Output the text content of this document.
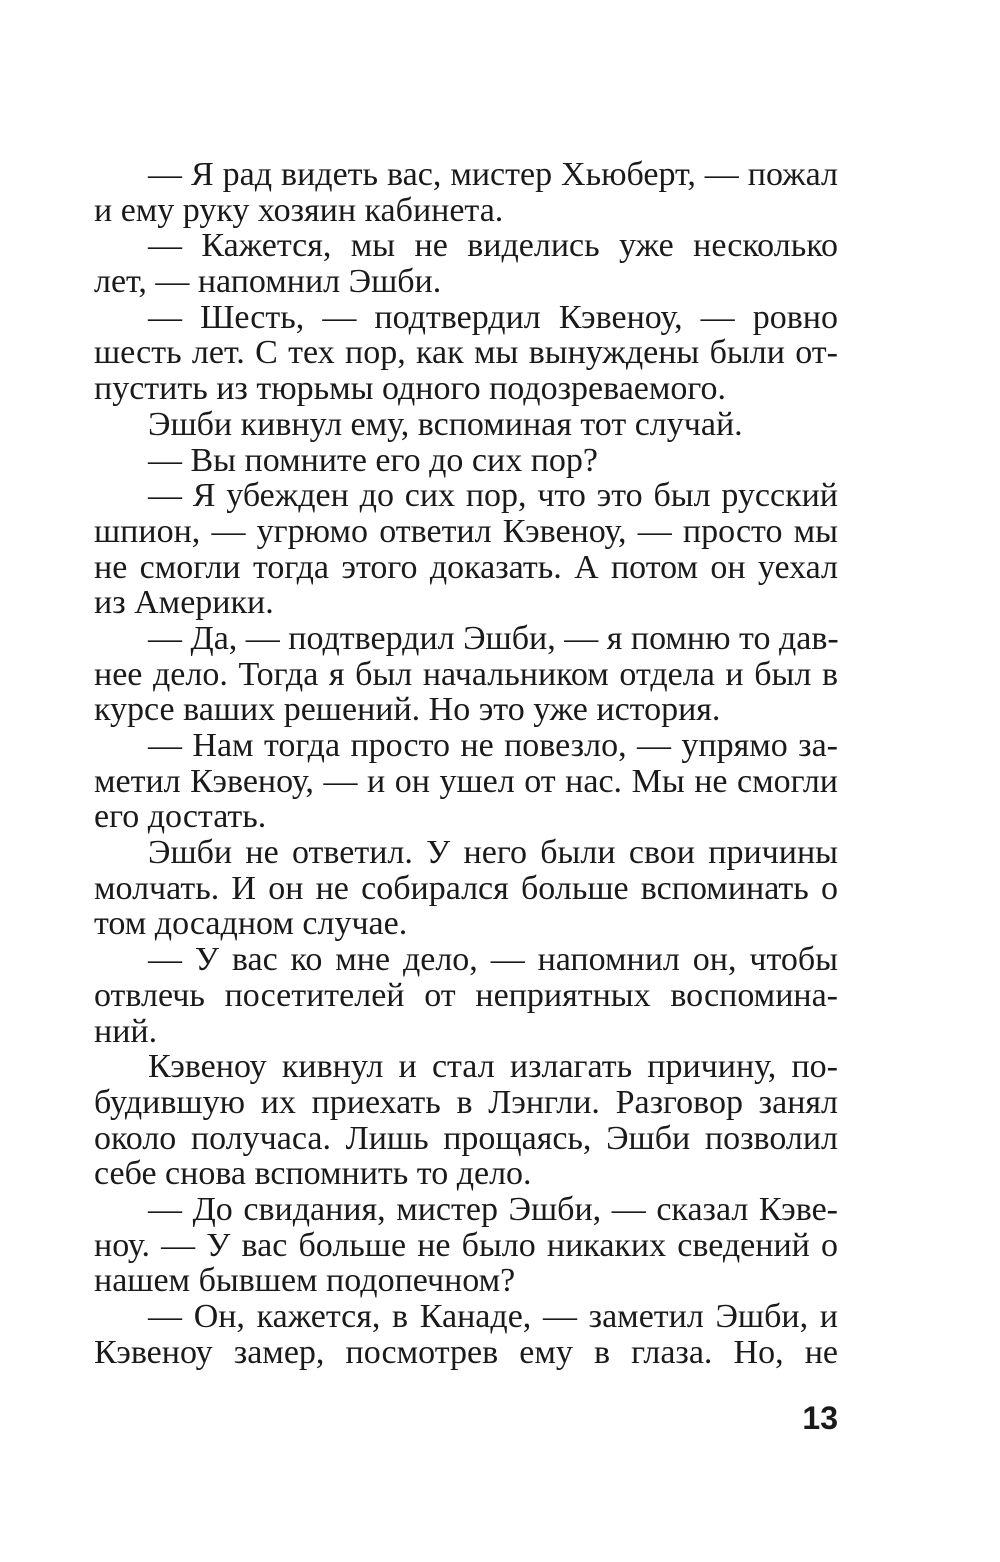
— Я рад видеть вас, мистер Хьюберт, — пожал
и ему руку хозяин кабинета.
— Кажется, мы не виделись уже несколько
лет, — напомнил Эшби.
— Шесть, — подтвердил Кэвеноу, — ровно
шесть лет. С тех пор, как мы вынуждены были от-
пустить из тюрьмы одного подозреваемого.
Эшби кивнул ему, вспоминая тот случай.
— Вы помните его до сих пор?
— Я убежден до сих пор, что это был русский
шпион, — угрюмо ответил Кэвеноу, — просто мы
не смогли тогда этого доказать. А потом он уехал
из Америки.
— Да, — подтвердил Эшби, — я помню то дав-
нее дело. Тогда я был начальником отдела и был в
курсе ваших решений. Но это уже история.
— Нам тогда просто не повезло, — упрямо за-
метил Кэвеноу, — и он ушел от нас. Мы не смогли
его достать.
Эшби не ответил. У него были свои причины
молчать. И он не собирался больше вспоминать о
том досадном случае.
— У вас ко мне дело, — напомнил он, чтобы
отвлечь посетителей от неприятных воспомина-
ний.
Кэвеноу кивнул и стал излагать причину, по-
будившую их приехать в Лэнгли. Разговор занял
около получаса. Лишь прощаясь, Эшби позволил
себе снова вспомнить то дело.
— До свидания, мистер Эшби, — сказал Кэве-
ноу. — У вас больше не было никаких сведений о
нашем бывшем подопечном?
— Он, кажется, в Канаде, — заметил Эшби, и
Кэвеноу замер, посмотрев ему в глаза. Но, не
13
